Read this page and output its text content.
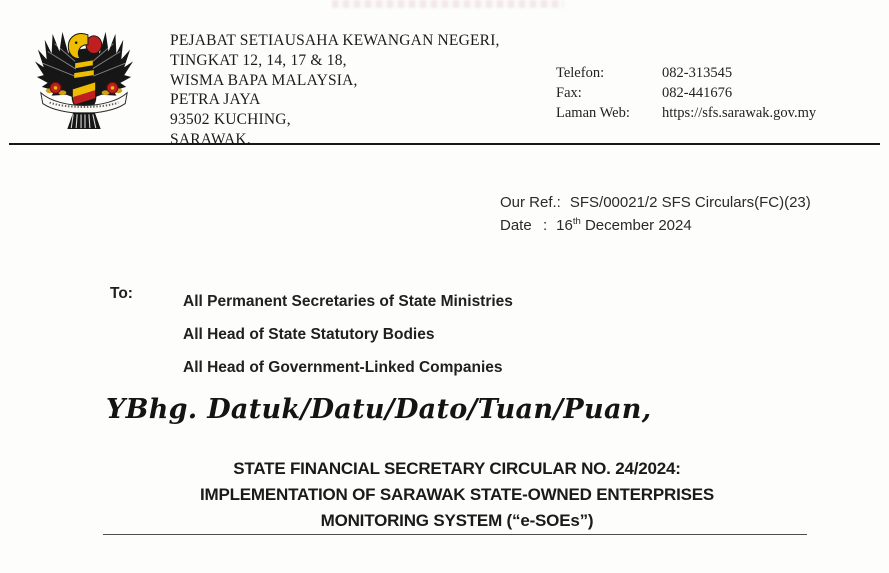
PEJABAT SETIAUSAHA KEWANGAN NEGERI,
TINGKAT 12, 14, 17 & 18,
WISMA BAPA MALAYSIA,
PETRA JAYA
93502 KUCHING,
SARAWAK.
Telefon:	082-313545
Fax:	082-441676
Laman Web:	https://sfs.sarawak.gov.my
Our Ref.: SFS/00021/2 SFS Circulars(FC)(23)
Date : 16th December 2024
To:	All Permanent Secretaries of State Ministries
All Head of State Statutory Bodies
All Head of Government-Linked Companies
YBhg. Datuk/Datu/Dato/Tuan/Puan,
STATE FINANCIAL SECRETARY CIRCULAR NO. 24/2024:
IMPLEMENTATION OF SARAWAK STATE-OWNED ENTERPRISES
MONITORING SYSTEM (“e-SOEs”)
